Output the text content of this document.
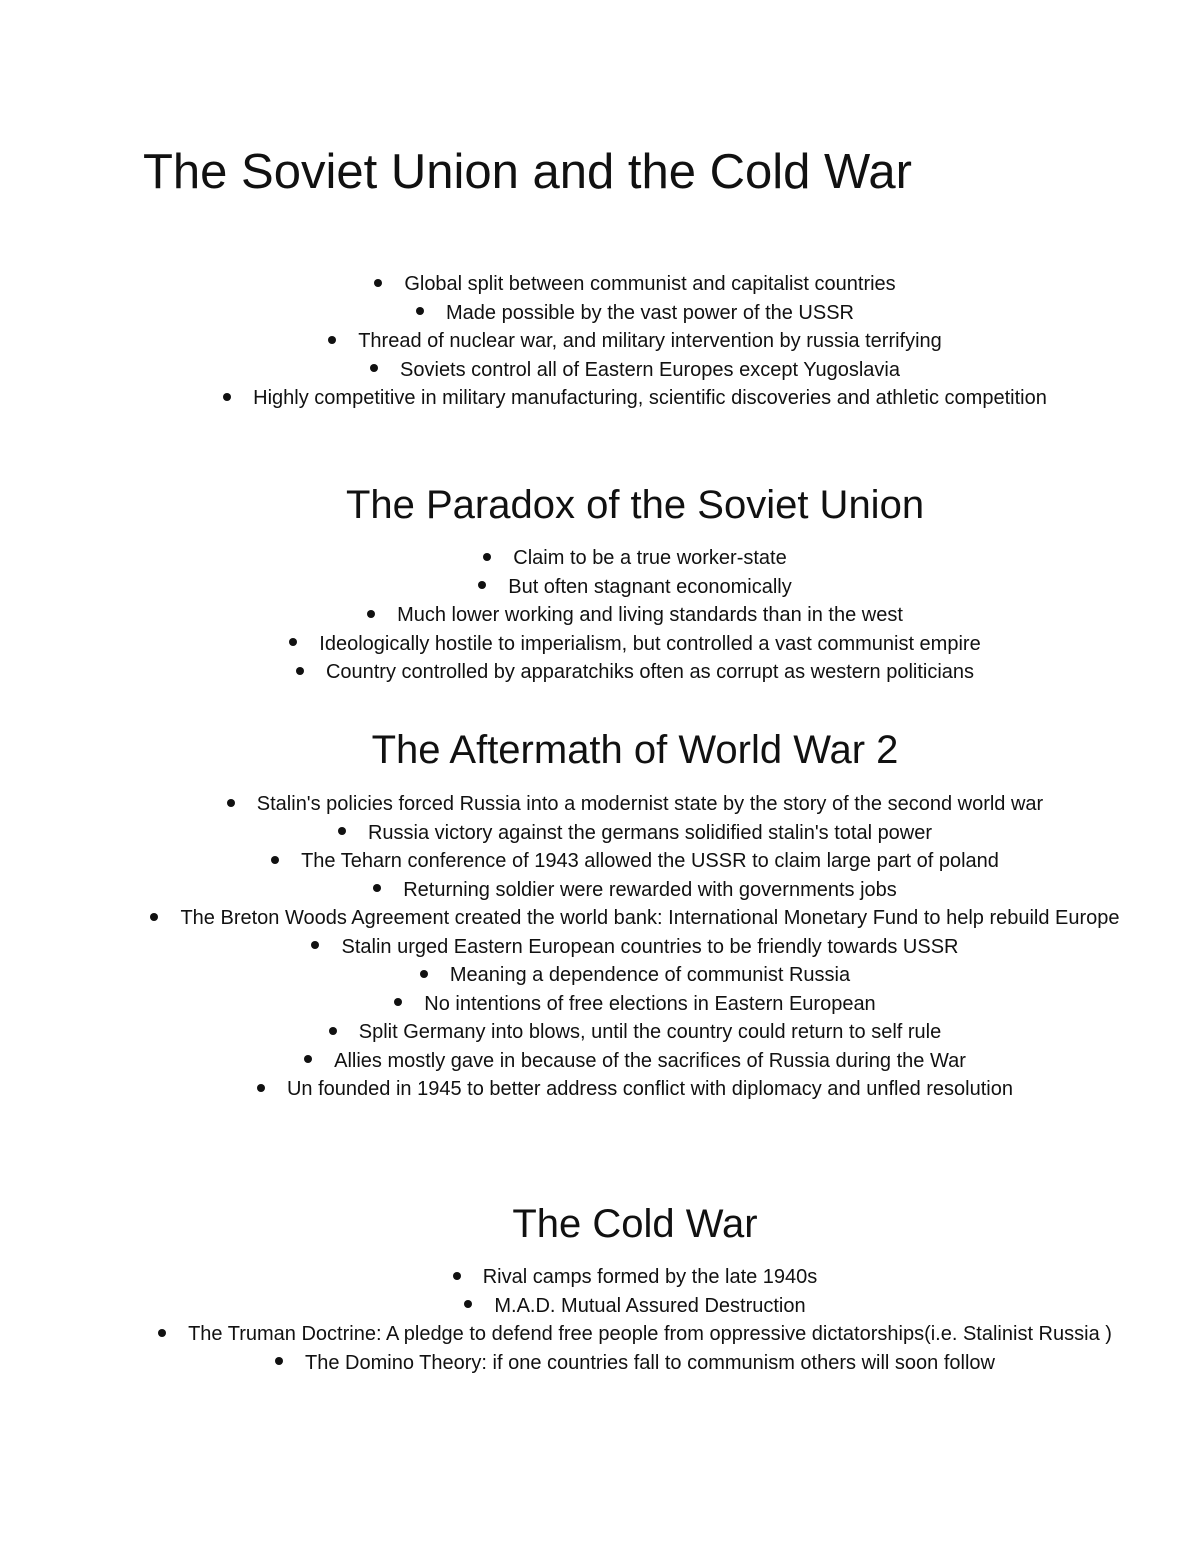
The Soviet Union and the Cold War
Global split between communist and capitalist countries
Made possible by the vast power of the USSR
Thread of nuclear war, and military intervention by russia terrifying
Soviets control all of Eastern Europes except Yugoslavia
Highly competitive in military manufacturing, scientific discoveries and athletic competition
The Paradox of the Soviet Union
Claim to be a true worker-state
But often stagnant economically
Much lower working and living standards than in the west
Ideologically hostile to imperialism, but controlled a vast communist empire
Country controlled by apparatchiks often as corrupt as western politicians
The Aftermath of World War 2
Stalin's policies forced Russia into a modernist state by the story of the second world war
Russia victory against the germans solidified stalin's total power
The Teharn conference of 1943 allowed the USSR to claim large part of poland
Returning soldier were rewarded with governments jobs
The Breton Woods Agreement created the world bank: International Monetary Fund to help rebuild Europe
Stalin urged Eastern European countries to be friendly towards USSR
Meaning a dependence of communist Russia
No intentions of free elections in Eastern European
Split Germany into blows, until the country could return to self rule
Allies mostly gave in because of the sacrifices of Russia during the War
Un founded in 1945 to better address conflict with diplomacy and unfled resolution
The Cold War
Rival camps formed by the late 1940s
M.A.D. Mutual Assured Destruction
The Truman Doctrine: A pledge to defend free people from oppressive dictatorships(i.e. Stalinist Russia )
The Domino Theory: if one countries fall to communism others will soon follow
